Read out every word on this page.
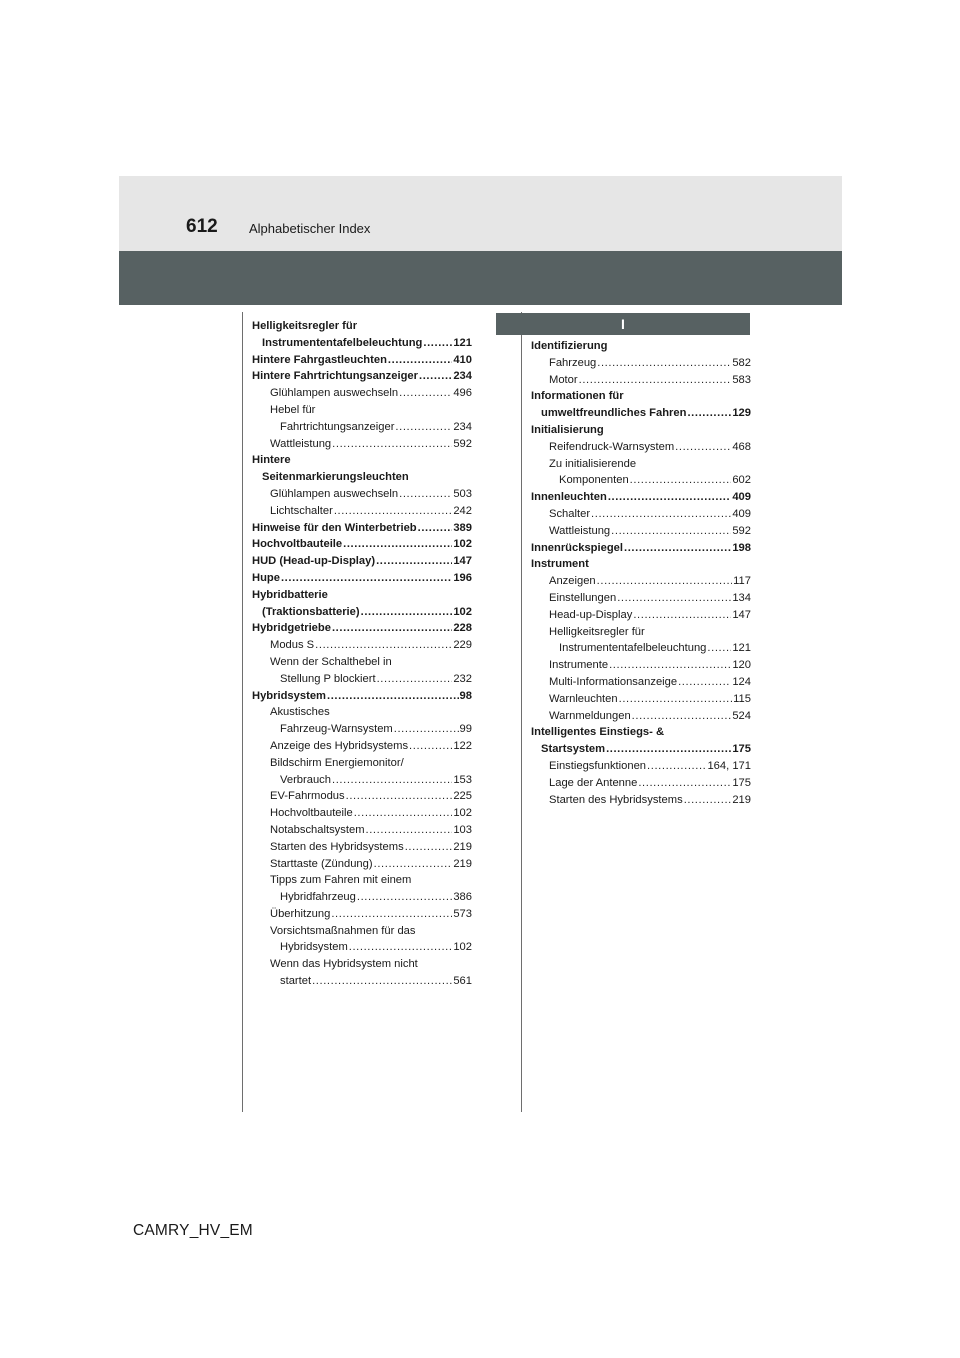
612 Alphabetischer Index
I
Helligkeitsregler für
Instrumententafelbeleuchtung .....	121
Hintere Fahrgastleuchten .....	410
Hintere Fahrtrichtungsanzeiger .....	234
Glühlampen auswechseln .....	496
Hebel für
Fahrtrichtungsanzeiger .....	234
Wattleistung .....	592
Hintere
Seitenmarkierungsleuchten
Glühlampen auswechseln .....	503
Lichtschalter .....	242
Hinweise für den Winterbetrieb .....	389
Hochvoltbauteile .....	102
HUD (Head-up-Display) .....	147
Hupe .....	196
Hybridbatterie
(Traktionsbatterie) .....	102
Hybridgetriebe .....	228
Modus S .....	229
Wenn der Schalthebel in
Stellung P blockiert .....	232
Hybridsystem .....	98
Akustisches
Fahrzeug-Warnsystem .....	99
Anzeige des Hybridsystems .....	122
Bildschirm Energiemonitor/
Verbrauch .....	153
EV-Fahrmodus .....	225
Hochvoltbauteile .....	102
Notabschaltsystem .....	103
Starten des Hybridsystems .....	219
Starttaste (Zündung) .....	219
Tipps zum Fahren mit einem
Hybridfahrzeug .....	386
Überhitzung .....	573
Vorsichtsmaßnahmen für das
Hybridsystem .....	102
Wenn das Hybridsystem nicht
startet .....	561
Identifizierung
Fahrzeug .....	582
Motor .....	583
Informationen für
umweltfreundliches Fahren .....	129
Initialisierung
Reifendruck-Warnsystem .....	468
Zu initialisierende
Komponenten .....	602
Innenleuchten .....	409
Schalter .....	409
Wattleistung .....	592
Innenrückspiegel .....	198
Instrument
Anzeigen .....	117
Einstellungen .....	134
Head-up-Display .....	147
Helligkeitsregler für
Instrumententafelbeleuchtung ..... 121
Instrumente .....	120
Multi-Informationsanzeige .....	124
Warnleuchten .....	115
Warnmeldungen .....	524
Intelligentes Einstiegs- &
Startsystem .....	175
Einstiegsfunktionen .....	164, 171
Lage der Antenne .....	175
Starten des Hybridsystems .....	219
CAMRY_HV_EM
